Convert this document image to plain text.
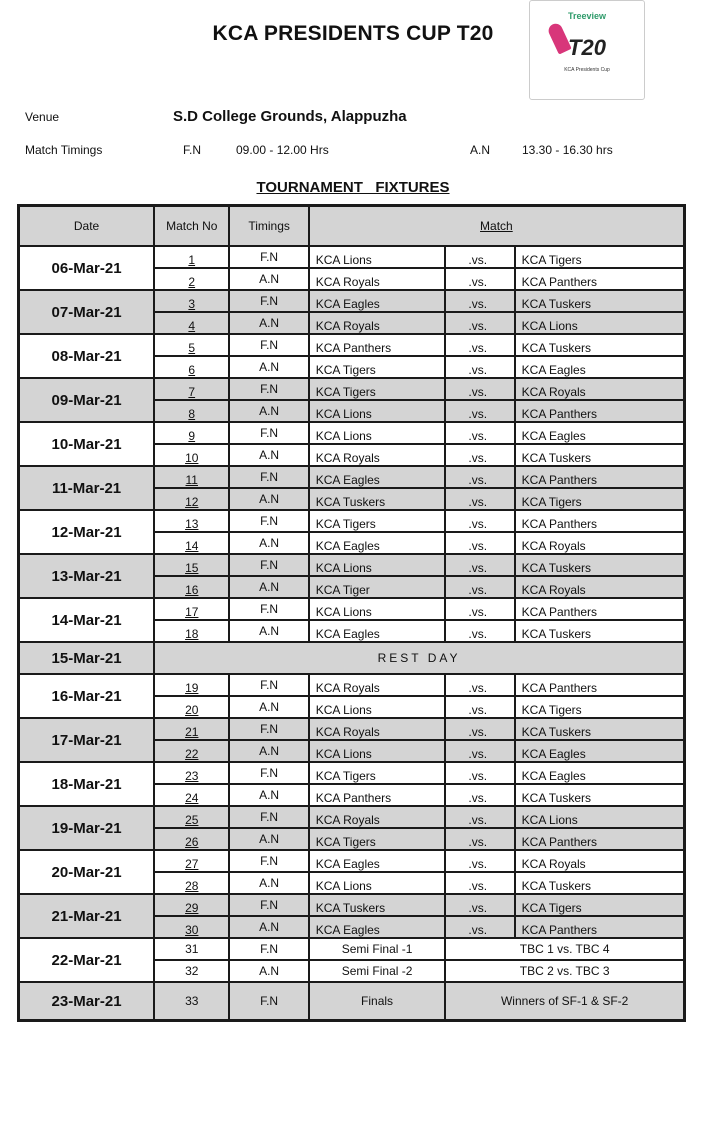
KCA PRESIDENTS CUP T20
Treeview
T20
KCA Presidents Cup
Venue	S.D College Grounds, Alappuzha
Match Timings	F.N	09.00 - 12.00 Hrs	A.N	13.30 - 16.30 hrs
TOURNAMENT   FIXTURES
Date	Match No	Timings	Match		
06-Mar-21	1	F.N	KCA Lions	.vs.	KCA Tigers
	2	A.N	KCA Royals	.vs.	KCA Panthers
07-Mar-21	3	F.N	KCA Eagles	.vs.	KCA Tuskers
	4	A.N	KCA Royals	.vs.	KCA Lions
08-Mar-21	5	F.N	KCA Panthers	.vs.	KCA Tuskers
	6	A.N	KCA Tigers	.vs.	KCA Eagles
09-Mar-21	7	F.N	KCA Tigers	.vs.	KCA Royals
	8	A.N	KCA Lions	.vs.	KCA Panthers
10-Mar-21	9	F.N	KCA Lions	.vs.	KCA Eagles
	10	A.N	KCA Royals	.vs.	KCA Tuskers
11-Mar-21	11	F.N	KCA Eagles	.vs.	KCA Panthers
	12	A.N	KCA Tuskers	.vs.	KCA Tigers
12-Mar-21	13	F.N	KCA Tigers	.vs.	KCA Panthers
	14	A.N	KCA Eagles	.vs.	KCA Royals
13-Mar-21	15	F.N	KCA Lions	.vs.	KCA Tuskers
	16	A.N	KCA Tiger	.vs.	KCA Royals
14-Mar-21	17	F.N	KCA Lions	.vs.	KCA Panthers
	18	A.N	KCA Eagles	.vs.	KCA Tuskers
15-Mar-21	REST DAY				
16-Mar-21	19	F.N	KCA Royals	.vs.	KCA Panthers
	20	A.N	KCA Lions	.vs.	KCA Tigers
17-Mar-21	21	F.N	KCA Royals	.vs.	KCA Tuskers
	22	A.N	KCA Lions	.vs.	KCA Eagles
18-Mar-21	23	F.N	KCA Tigers	.vs.	KCA Eagles
	24	A.N	KCA Panthers	.vs.	KCA Tuskers
19-Mar-21	25	F.N	KCA Royals	.vs.	KCA Lions
	26	A.N	KCA Tigers	.vs.	KCA Panthers
20-Mar-21	27	F.N	KCA Eagles	.vs.	KCA Royals
	28	A.N	KCA Lions	.vs.	KCA Tuskers
21-Mar-21	29	F.N	KCA Tuskers	.vs.	KCA Tigers
	30	A.N	KCA Eagles	.vs.	KCA Panthers
22-Mar-21	31	F.N	Semi Final -1	TBC 1 vs. TBC 4	
	32	A.N	Semi Final -2	TBC 2 vs. TBC 3	
23-Mar-21	33	F.N	Finals	Winners of SF-1 & SF-2	
